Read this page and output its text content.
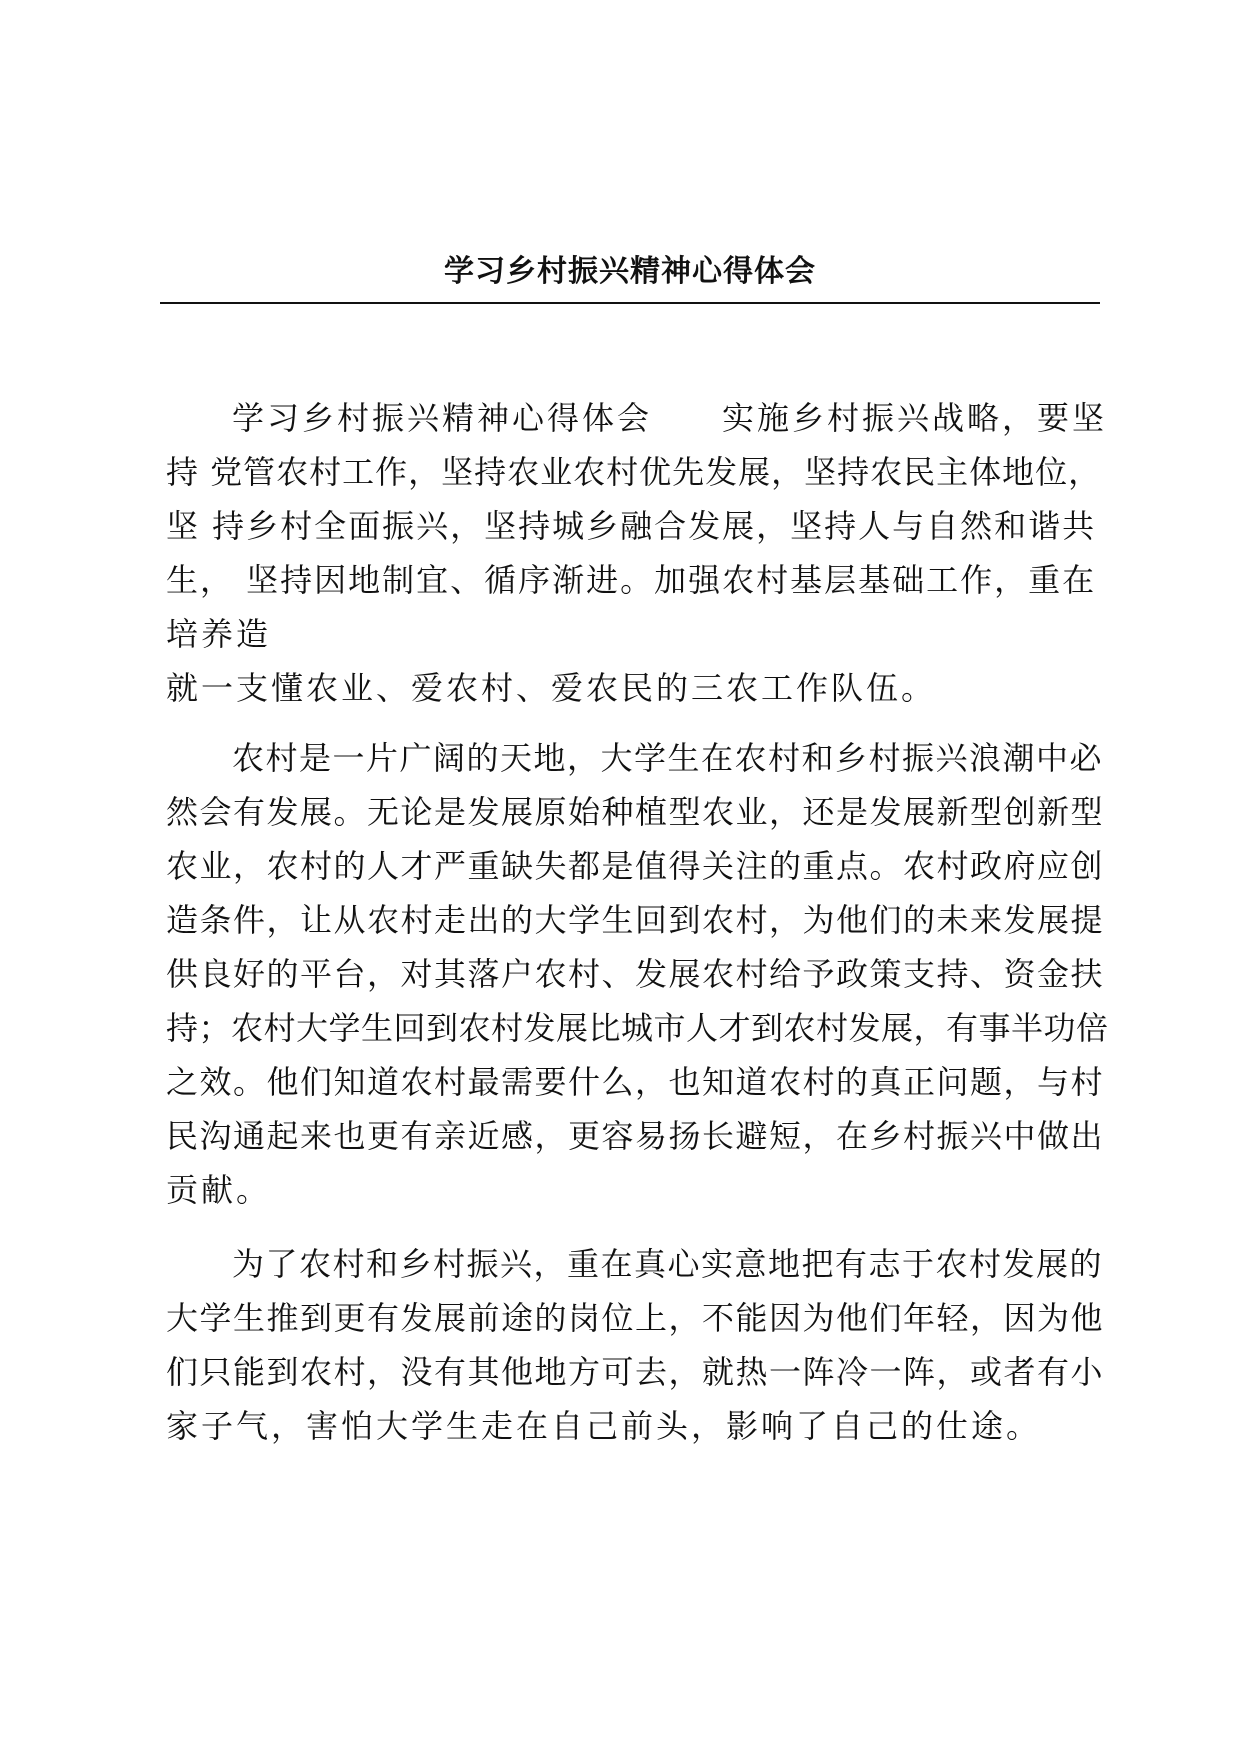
学习乡村振兴精神心得体会
学习乡村振兴精神心得体会　　实施乡村振兴战略，要坚
持 党管农村工作，坚持农业农村优先发展，坚持农民主体地位，
坚 持乡村全面振兴，坚持城乡融合发展，坚持人与自然和谐共
生， 坚持因地制宜、循序渐进。加强农村基层基础工作，重在
培养造
就一支懂农业、爱农村、爱农民的三农工作队伍。
农村是一片广阔的天地，大学生在农村和乡村振兴浪潮中必
然会有发展。无论是发展原始种植型农业，还是发展新型创新型
农业，农村的人才严重缺失都是值得关注的重点。农村政府应创
造条件，让从农村走出的大学生回到农村，为他们的未来发展提
供良好的平台，对其落户农村、发展农村给予政策支持、资金扶
持；农村大学生回到农村发展比城市人才到农村发展，有事半功倍
之效。他们知道农村最需要什么，也知道农村的真正问题，与村
民沟通起来也更有亲近感，更容易扬长避短，在乡村振兴中做出
贡献。
为了农村和乡村振兴，重在真心实意地把有志于农村发展的
大学生推到更有发展前途的岗位上，不能因为他们年轻，因为他
们只能到农村，没有其他地方可去，就热一阵冷一阵，或者有小
家子气，害怕大学生走在自己前头，影响了自己的仕途。
